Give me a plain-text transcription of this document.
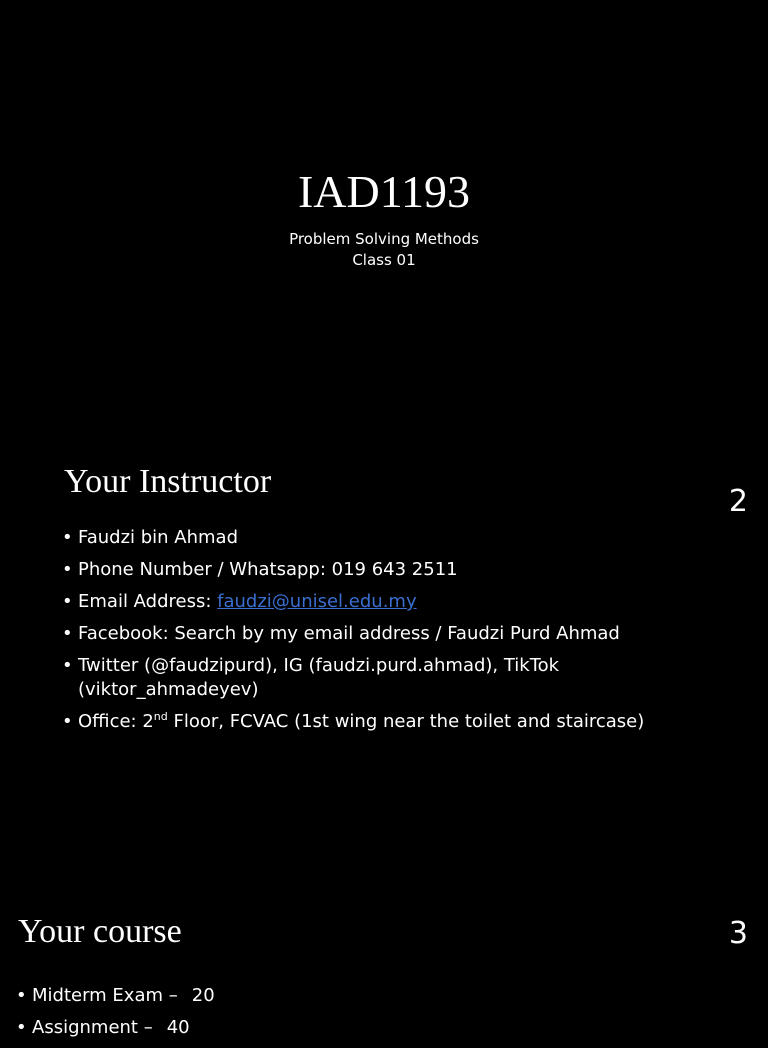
IAD1193
Problem Solving Methods
Class 01
Your Instructor
2
• Faudzi bin Ahmad
• Phone Number / Whatsapp: 019 643 2511
• Email Address: faudzi@unisel.edu.my
• Facebook: Search by my email address / Faudzi Purd Ahmad
• Twitter (@faudzipurd), IG (faudzi.purd.ahmad), TikTok (viktor_ahmadeyev)
• Office: 2nd Floor, FCVAC (1st wing near the toilet and staircase)
Your course	3
• Midterm Exam – 20
• Assignment – 40
